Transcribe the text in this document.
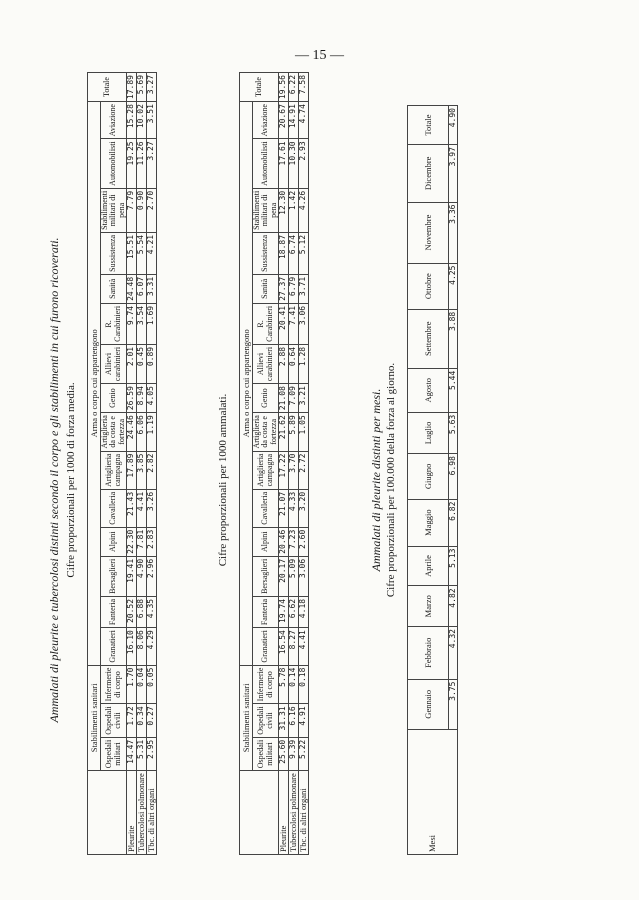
— 15 —
Ammalati di pleurite e tubercolosi distinti secondo il corpo e gli stabilimenti in cui furono ricoverati. Cifre proporzionali per 1000 di forza media.
	Stabilimenti sanitari			Arma o corpo cui appartengono															Totale
	Ospedali militari	Ospedali civili	Infermerie di corpo	Granatieri	Fanteria	Bersaglieri	Alpini	Cavalleria	Artiglieria campagna	Artiglieria da costa e fortezza	Genio	Allievi carabinieri	R. Carabinieri	Sanità	Sussistenza	Stabilimenti militari di pena	Automobilisti	Aviazione	
Pleurite	14.47	1.72	1.70	16.10	20.52	19.41	22.30	21.43	17.89	24.46	26.59	2.01	9.74	24.48	15.51	7.79	19.25	15.28	17.89
Tubercolosi polmonare	5.31	0.34	0.04	8.06	6.88	4.90	7.81	4.41	3.85	6.06	8.94	0.45	3.54	6.07	5.54	0.90	11.26	10.02	5.69
Tbc. di altri organi	2.95	0.27	0.05	4.29	4.35	2.96	2.83	3.26	2.82	1.19	4.05	0.89	1.69	3.31	4.21	2.70	3.27	3.51	3.27
Cifre proporzionali per 1000 ammalati.
	Stabilimenti sanitari			Arma o corpo cui appartengono															Totale
	Ospedali militari	Ospedali civili	Infermerie di corpo	Granatieri	Fanteria	Bersaglieri	Alpini	Cavalleria	Artiglieria campagna	Artiglieria da costa e fortezza	Genio	Allievi carabinieri	R. Carabinieri	Sanità	Sussistenza	Stabilimenti militari di pena	Automobilisti	Aviazione	
Pleurite	25.60	31.31	5.78	16.54	19.74	20.17	20.46	21.07	17.22	21.62	21.08	2.88	20.41	27.37	18.87	12.30	17.61	20.67	19.56
Tubercolosi polmonare	9.39	6.16	0.14	8.27	6.62	5.09	7.23	4.33	3.70	5.89	7.09	0.64	7.41	6.79	6.74	1.42	10.30	14.91	6.22
Tbc. di altri organi	5.22	4.91	0.18	4.41	4.18	3.06	2.60	3.20	2.72	1.05	3.21	1.28	3.06	3.71	5.12	4.26	2.93	4.74	7.58
Ammalati di pleurite distinti per mesi. Cifre proporzionali per 100.000 della forza al giorno.
Mesi	Gennaio	Febbraio	Marzo	Aprile	Maggio	Giugno	Luglio	Agosto	Settembre	Ottobre	Novembre	Dicembre	Totale
	3.75	4.32	4.82	5.13	6.82	6.98	5.63	5.44	3.88	4.25	3.36	3.97	4.90
